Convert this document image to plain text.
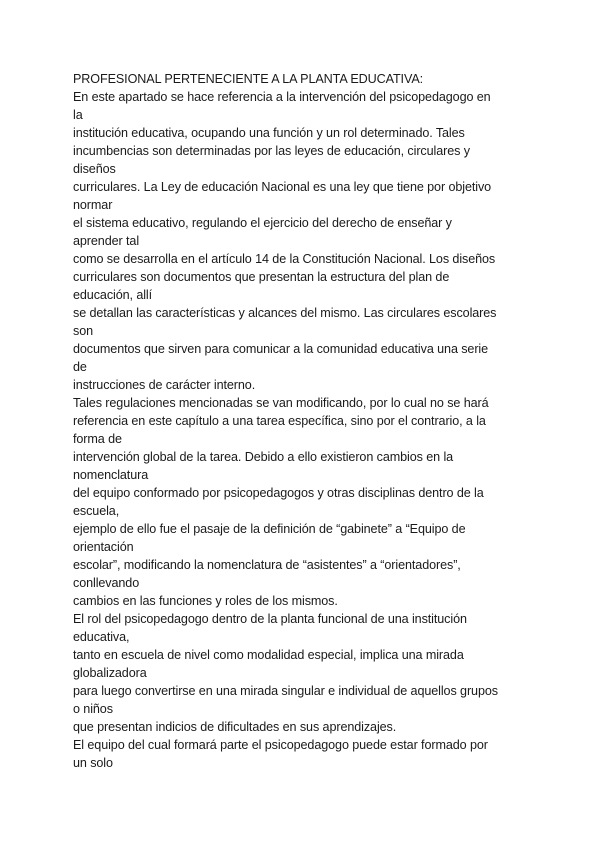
PROFESIONAL PERTENECIENTE A LA PLANTA EDUCATIVA:
En este apartado se hace referencia a la intervención del psicopedagogo en
la
institución educativa, ocupando una función y un rol determinado. Tales
incumbencias son determinadas por las leyes de educación, circulares y
diseños
curriculares. La Ley de educación Nacional es una ley que tiene por objetivo
normar
el sistema educativo, regulando el ejercicio del derecho de enseñar y
aprender tal
como se desarrolla en el artículo 14 de la Constitución Nacional. Los diseños
curriculares son documentos que presentan la estructura del plan de
educación, allí
se detallan las características y alcances del mismo. Las circulares escolares
son
documentos que sirven para comunicar a la comunidad educativa una serie
de
instrucciones de carácter interno.
Tales regulaciones mencionadas se van modificando, por lo cual no se hará
referencia en este capítulo a una tarea específica, sino por el contrario, a la
forma de
intervención global de la tarea. Debido a ello existieron cambios en la
nomenclatura
del equipo conformado por psicopedagogos y otras disciplinas dentro de la
escuela,
ejemplo de ello fue el pasaje de la definición de “gabinete” a “Equipo de
orientación
escolar”, modificando la nomenclatura de “asistentes” a “orientadores”,
conllevando
cambios en las funciones y roles de los mismos.
El rol del psicopedagogo dentro de la planta funcional de una institución
educativa,
tanto en escuela de nivel como modalidad especial, implica una mirada
globalizadora
para luego convertirse en una mirada singular e individual de aquellos grupos
o niños
que presentan indicios de dificultades en sus aprendizajes.
El equipo del cual formará parte el psicopedagogo puede estar formado por
un solo
